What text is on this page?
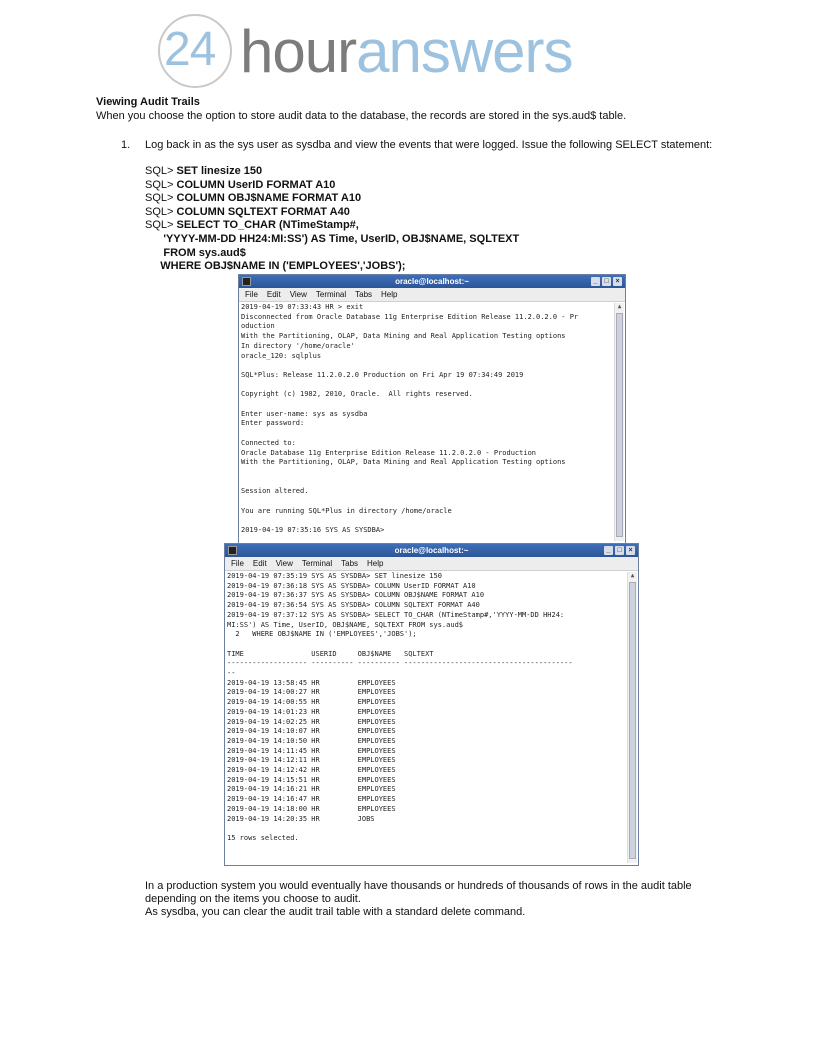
24 houranswers
Viewing Audit Trails
When you choose the option to store audit data to the database, the records are stored in the sys.aud$ table.
1. Log back in as the sys user as sysdba and view the events that were logged. Issue the following SELECT statement:
SQL> SET linesize 150
SQL> COLUMN UserID FORMAT A10
SQL> COLUMN OBJ$NAME FORMAT A10
SQL> COLUMN SQLTEXT FORMAT A40
SQL> SELECT TO_CHAR (NTimeStamp#,
'YYYY-MM-DD HH24:MI:SS') AS Time, UserID, OBJ$NAME, SQLTEXT
FROM sys.aud$
WHERE OBJ$NAME IN ('EMPLOYEES','JOBS');
oracle@localhost:~	_ □ ×
File Edit View Terminal Tabs Help
2019-04-19 07:33:43 HR > exit
Disconnected from Oracle Database 11g Enterprise Edition Release 11.2.0.2.0 - Pr
oduction
With the Partitioning, OLAP, Data Mining and Real Application Testing options
In directory '/home/oracle'
oracle_120: sqlplus

SQL*Plus: Release 11.2.0.2.0 Production on Fri Apr 19 07:34:49 2019

Copyright (c) 1982, 2010, Oracle.  All rights reserved.

Enter user-name: sys as sysdba
Enter password:

Connected to:
Oracle Database 11g Enterprise Edition Release 11.2.0.2.0 - Production
With the Partitioning, OLAP, Data Mining and Real Application Testing options

Session altered.

You are running SQL*Plus in directory /home/oracle

2019-04-19 07:35:16 SYS AS SYSDBA>
▲
oracle@localhost:~	_ □ ×
File Edit View Terminal Tabs Help
2019-04-19 07:35:19 SYS AS SYSDBA> SET linesize 150
2019-04-19 07:36:18 SYS AS SYSDBA> COLUMN UserID FORMAT A10
2019-04-19 07:36:37 SYS AS SYSDBA> COLUMN OBJ$NAME FORMAT A10
2019-04-19 07:36:54 SYS AS SYSDBA> COLUMN SQLTEXT FORMAT A40
2019-04-19 07:37:12 SYS AS SYSDBA> SELECT TO_CHAR (NTimeStamp#,'YYYY-MM-DD HH24:
MI:SS') AS Time, UserID, OBJ$NAME, SQLTEXT FROM sys.aud$
2   WHERE OBJ$NAME IN ('EMPLOYEES','JOBS');

TIME                USERID     OBJ$NAME   SQLTEXT
------------------- ---------- ---------- ----------------------------------------
--
2019-04-19 13:58:45 HR         EMPLOYEES
2019-04-19 14:00:27 HR         EMPLOYEES
2019-04-19 14:00:55 HR         EMPLOYEES
2019-04-19 14:01:23 HR         EMPLOYEES
2019-04-19 14:02:25 HR         EMPLOYEES
2019-04-19 14:10:07 HR         EMPLOYEES
2019-04-19 14:10:50 HR         EMPLOYEES
2019-04-19 14:11:45 HR         EMPLOYEES
2019-04-19 14:12:11 HR         EMPLOYEES
2019-04-19 14:12:42 HR         EMPLOYEES
2019-04-19 14:15:51 HR         EMPLOYEES
2019-04-19 14:16:21 HR         EMPLOYEES
2019-04-19 14:16:47 HR         EMPLOYEES
2019-04-19 14:18:00 HR         EMPLOYEES
2019-04-19 14:20:35 HR         JOBS

15 rows selected.
▲
In a production system you would eventually have thousands or hundreds of thousands of rows in the audit table depending on the items you choose to audit.
As sysdba, you can clear the audit trail table with a standard delete command.
